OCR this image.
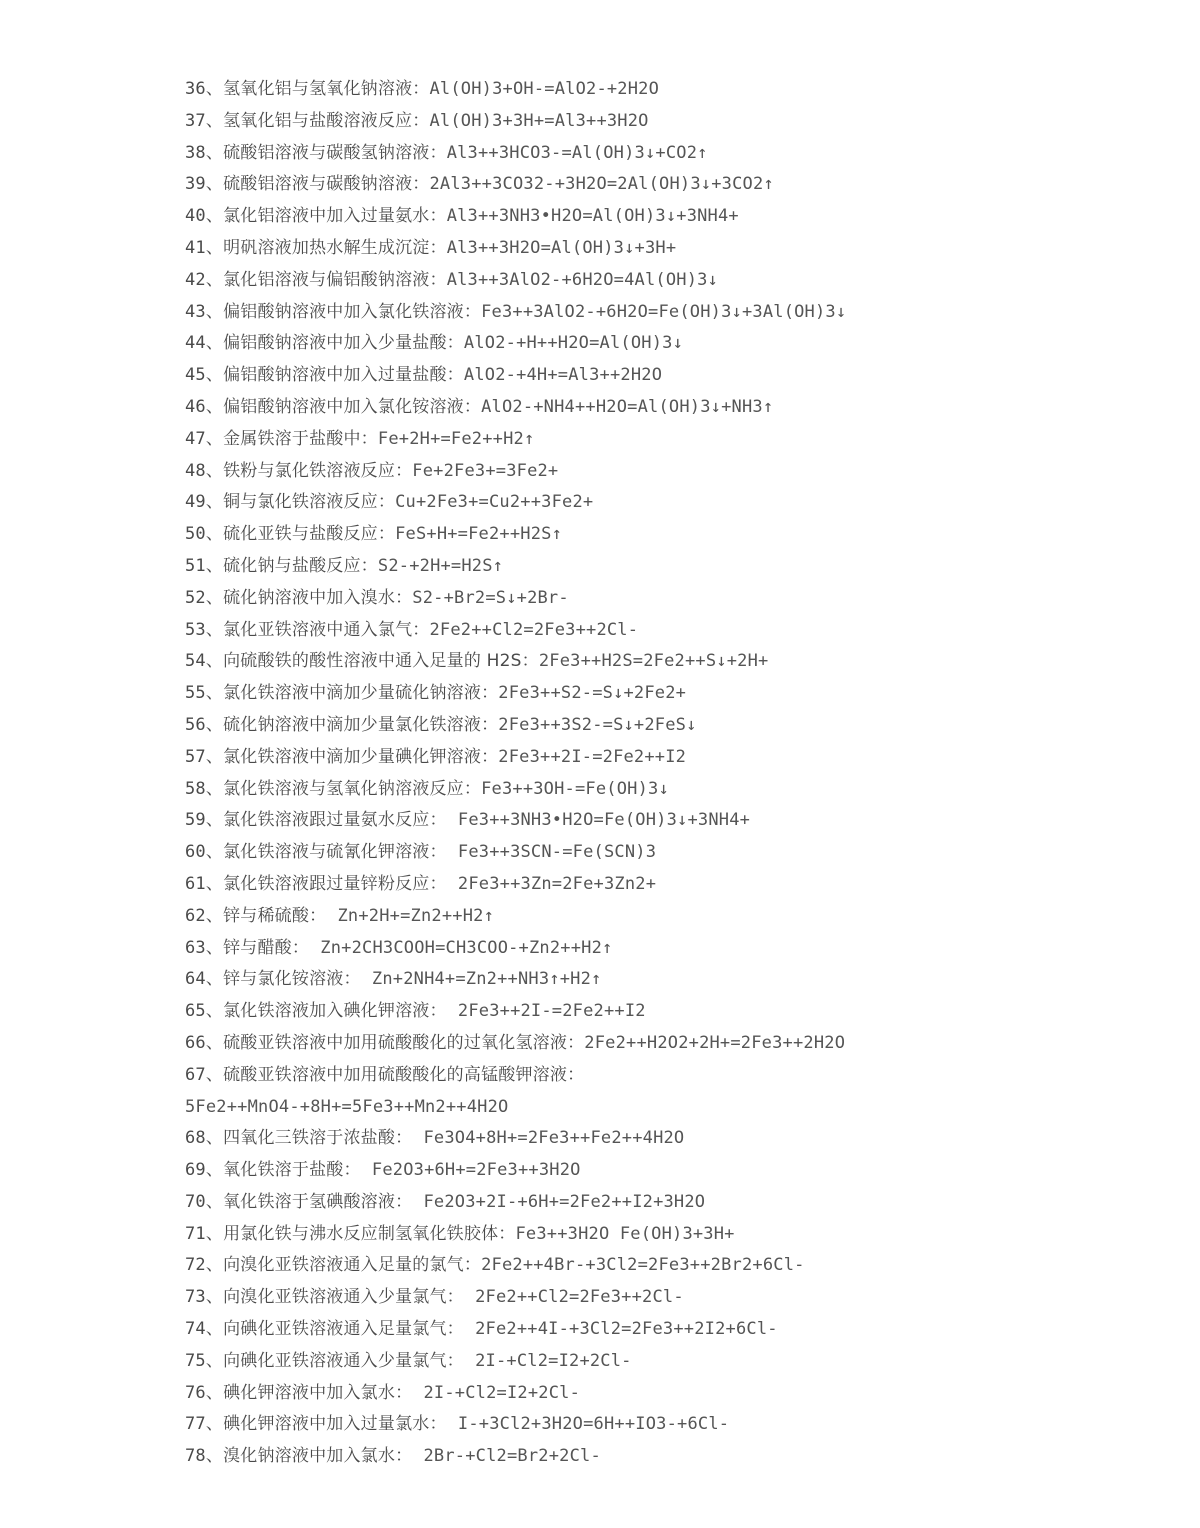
36、氢氧化铝与氢氧化钠溶液：Al(OH)3+OH-=AlO2-+2H2O
37、氢氧化铝与盐酸溶液反应：Al(OH)3+3H+=Al3++3H2O
38、硫酸铝溶液与碳酸氢钠溶液：Al3++3HCO3-=Al(OH)3↓+CO2↑
39、硫酸铝溶液与碳酸钠溶液：2Al3++3CO32-+3H2O=2Al(OH)3↓+3CO2↑
40、氯化铝溶液中加入过量氨水：Al3++3NH3•H2O=Al(OH)3↓+3NH4+
41、明矾溶液加热水解生成沉淀：Al3++3H2O=Al(OH)3↓+3H+
42、氯化铝溶液与偏铝酸钠溶液：Al3++3AlO2-+6H2O=4Al(OH)3↓
43、偏铝酸钠溶液中加入氯化铁溶液：Fe3++3AlO2-+6H2O=Fe(OH)3↓+3Al(OH)3↓
44、偏铝酸钠溶液中加入少量盐酸：AlO2-+H++H2O=Al(OH)3↓
45、偏铝酸钠溶液中加入过量盐酸：AlO2-+4H+=Al3++2H2O
46、偏铝酸钠溶液中加入氯化铵溶液：AlO2-+NH4++H2O=Al(OH)3↓+NH3↑
47、金属铁溶于盐酸中：Fe+2H+=Fe2++H2↑
48、铁粉与氯化铁溶液反应：Fe+2Fe3+=3Fe2+
49、铜与氯化铁溶液反应：Cu+2Fe3+=Cu2++3Fe2+
50、硫化亚铁与盐酸反应：FeS+H+=Fe2++H2S↑
51、硫化钠与盐酸反应：S2-+2H+=H2S↑
52、硫化钠溶液中加入溴水：S2-+Br2=S↓+2Br-
53、氯化亚铁溶液中通入氯气：2Fe2++Cl2=2Fe3++2Cl-
54、向硫酸铁的酸性溶液中通入足量的 H2S：2Fe3++H2S=2Fe2++S↓+2H+
55、氯化铁溶液中滴加少量硫化钠溶液：2Fe3++S2-=S↓+2Fe2+
56、硫化钠溶液中滴加少量氯化铁溶液：2Fe3++3S2-=S↓+2FeS↓
57、氯化铁溶液中滴加少量碘化钾溶液：2Fe3++2I-=2Fe2++I2
58、氯化铁溶液与氢氧化钠溶液反应：Fe3++3OH-=Fe(OH)3↓
59、氯化铁溶液跟过量氨水反应：  Fe3++3NH3•H2O=Fe(OH)3↓+3NH4+
60、氯化铁溶液与硫氰化钾溶液：  Fe3++3SCN-=Fe(SCN)3
61、氯化铁溶液跟过量锌粉反应：  2Fe3++3Zn=2Fe+3Zn2+
62、锌与稀硫酸：  Zn+2H+=Zn2++H2↑
63、锌与醋酸：  Zn+2CH3COOH=CH3COO-+Zn2++H2↑
64、锌与氯化铵溶液：  Zn+2NH4+=Zn2++NH3↑+H2↑
65、氯化铁溶液加入碘化钾溶液：  2Fe3++2I-=2Fe2++I2
66、硫酸亚铁溶液中加用硫酸酸化的过氧化氢溶液：2Fe2++H2O2+2H+=2Fe3++2H2O
67、硫酸亚铁溶液中加用硫酸酸化的高锰酸钾溶液：
5Fe2++MnO4-+8H+=5Fe3++Mn2++4H2O
68、四氧化三铁溶于浓盐酸：  Fe3O4+8H+=2Fe3++Fe2++4H2O
69、氧化铁溶于盐酸：  Fe2O3+6H+=2Fe3++3H2O
70、氧化铁溶于氢碘酸溶液：  Fe2O3+2I-+6H+=2Fe2++I2+3H2O
71、用氯化铁与沸水反应制氢氧化铁胶体：Fe3++3H2O Fe(OH)3+3H+
72、向溴化亚铁溶液通入足量的氯气：2Fe2++4Br-+3Cl2=2Fe3++2Br2+6Cl-
73、向溴化亚铁溶液通入少量氯气：  2Fe2++Cl2=2Fe3++2Cl-
74、向碘化亚铁溶液通入足量氯气：  2Fe2++4I-+3Cl2=2Fe3++2I2+6Cl-
75、向碘化亚铁溶液通入少量氯气：  2I-+Cl2=I2+2Cl-
76、碘化钾溶液中加入氯水：  2I-+Cl2=I2+2Cl-
77、碘化钾溶液中加入过量氯水：  I-+3Cl2+3H2O=6H++IO3-+6Cl-
78、溴化钠溶液中加入氯水：  2Br-+Cl2=Br2+2Cl-
